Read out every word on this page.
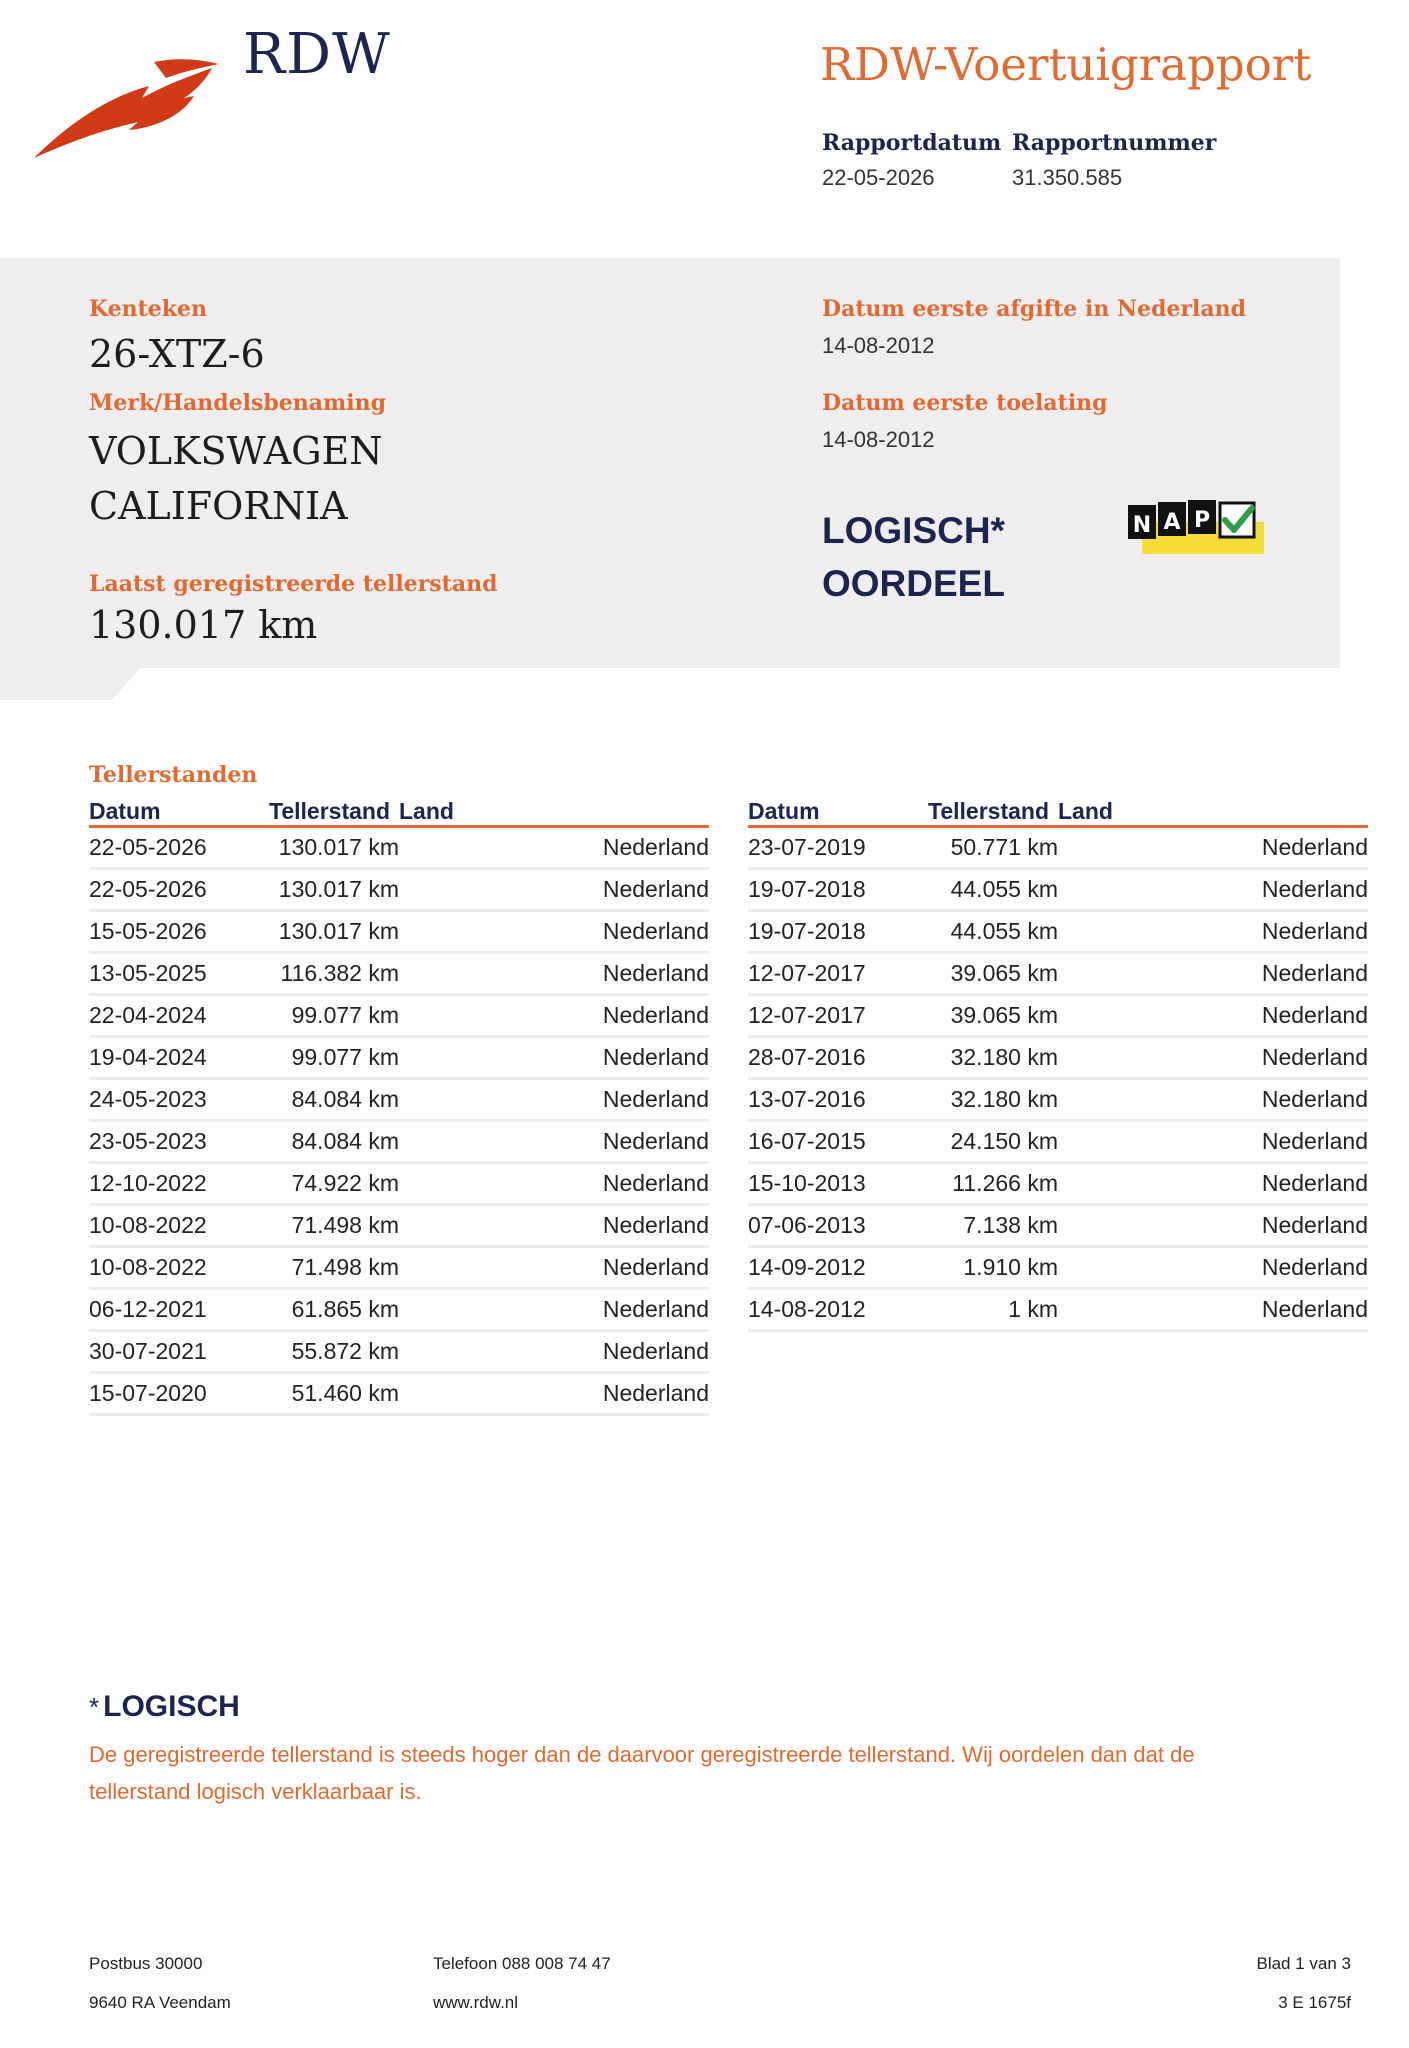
RDW	RDW-Voertuigrapport
Rapportdatum
22-05-2026
Rapportnummer
31.350.585
Kenteken
26-XTZ-6
Merk/Handelsbenaming
VOLKSWAGEN
CALIFORNIA
Laatst geregistreerde tellerstand
130.017 km
Datum eerste afgifte in Nederland
14-08-2012
Datum eerste toelating
14-08-2012
LOGISCH*
OORDEEL
N A P
Tellerstanden
Datum	Tellerstand	Land
22-05-2026	130.017 km	Nederland
22-05-2026	130.017 km	Nederland
15-05-2026	130.017 km	Nederland
13-05-2025	116.382 km	Nederland
22-04-2024	99.077 km	Nederland
19-04-2024	99.077 km	Nederland
24-05-2023	84.084 km	Nederland
23-05-2023	84.084 km	Nederland
12-10-2022	74.922 km	Nederland
10-08-2022	71.498 km	Nederland
10-08-2022	71.498 km	Nederland
06-12-2021	61.865 km	Nederland
30-07-2021	55.872 km	Nederland
15-07-2020	51.460 km	Nederland
Datum	Tellerstand	Land
23-07-2019	50.771 km	Nederland
19-07-2018	44.055 km	Nederland
19-07-2018	44.055 km	Nederland
12-07-2017	39.065 km	Nederland
12-07-2017	39.065 km	Nederland
28-07-2016	32.180 km	Nederland
13-07-2016	32.180 km	Nederland
16-07-2015	24.150 km	Nederland
15-10-2013	11.266 km	Nederland
07-06-2013	7.138 km	Nederland
14-09-2012	1.910 km	Nederland
14-08-2012	1 km	Nederland
* LOGISCH
De geregistreerde tellerstand is steeds hoger dan de daarvoor geregistreerde tellerstand. Wij oordelen dan dat de tellerstand logisch verklaarbaar is.
Postbus 30000
9640 RA Veendam
Telefoon 088 008 74 47
www.rdw.nl
Blad 1 van 3
3 E 1675f
